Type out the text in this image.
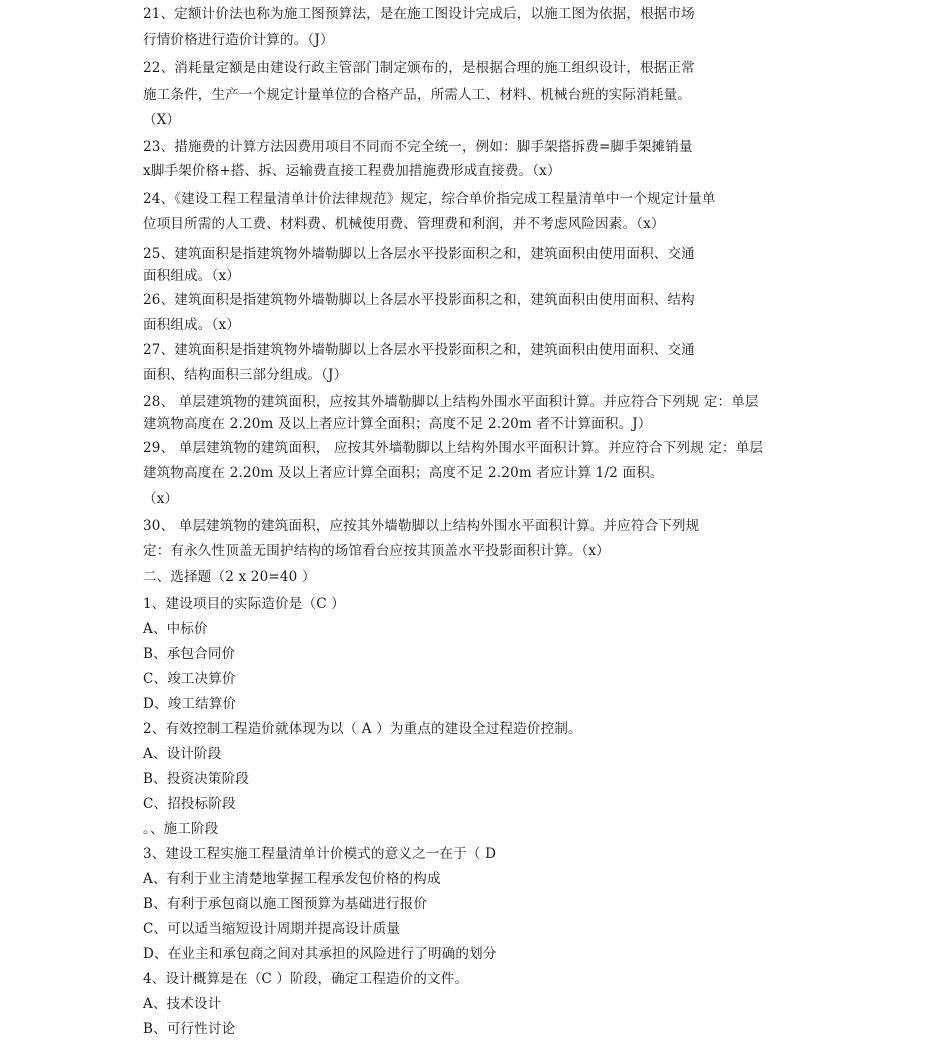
21、定额计价法也称为施工图预算法，是在施工图设计完成后，以施工图为依据，根据市场
行情价格进行造价计算的。（J）
22、消耗量定额是由建设行政主管部门制定颁布的，是根据合理的施工组织设计，根据正常
施工条件，生产一个规定计量单位的合格产品，所需人工、材料、机械台班的实际消耗量。
（X）
23、措施费的计算方法因费用项目不同而不完全统一，例如：脚手架搭拆费=脚手架摊销量
x脚手架价格+搭、拆、运输费直接工程费加措施费形成直接费。（x）
24、《建设工程工程量清单计价法律规范》规定，综合单价指完成工程量清单中一个规定计量单
位项目所需的人工费、材料费、机械使用费、管理费和利润，并不考虑风险因素。（x）
25、建筑面积是指建筑物外墙勒脚以上各层水平投影面积之和，建筑面积由使用面积、交通
面积组成。（x）
26、建筑面积是指建筑物外墙勒脚以上各层水平投影面积之和，建筑面积由使用面积、结构
面积组成。（x）
27、建筑面积是指建筑物外墙勒脚以上各层水平投影面积之和，建筑面积由使用面积、交通
面积、结构面积三部分组成。（J）
28、 单层建筑物的建筑面积，应按其外墙勒脚以上结构外围水平面积计算。并应符合下列规 定：单层
建筑物高度在 2.20m 及以上者应计算全面积；高度不足 2.20m 者不计算面积。J）
29、 单层建筑物的建筑面积， 应按其外墙勒脚以上结构外围水平面积计算。并应符合下列规 定：单层
建筑物高度在 2.20m 及以上者应计算全面积；高度不足 2.20m 者应计算 1/2 面积。
（x）
30、 单层建筑物的建筑面积，应按其外墙勒脚以上结构外围水平面积计算。并应符合下列规
定：有永久性顶盖无围护结构的场馆看台应按其顶盖水平投影面积计算。（x）
二、选择题（2 x 20=40 ）
1、建设项目的实际造价是（C ）
A、中标价
B、承包合同价
C、竣工决算价
D、竣工结算价
2、有效控制工程造价就体现为以（ A ）为重点的建设全过程造价控制。
A、设计阶段
B、投资决策阶段
C、招投标阶段
。、施工阶段
3、建设工程实施工程量清单计价模式的意义之一在于（ D
A、有利于业主清楚地掌握工程承发包价格的构成
B、有利于承包商以施工图预算为基础进行报价
C、可以适当缩短设计周期并提高设计质量
D、在业主和承包商之间对其承担的风险进行了明确的划分
4、设计概算是在（C ）阶段，确定工程造价的文件。
A、技术设计
B、可行性讨论
